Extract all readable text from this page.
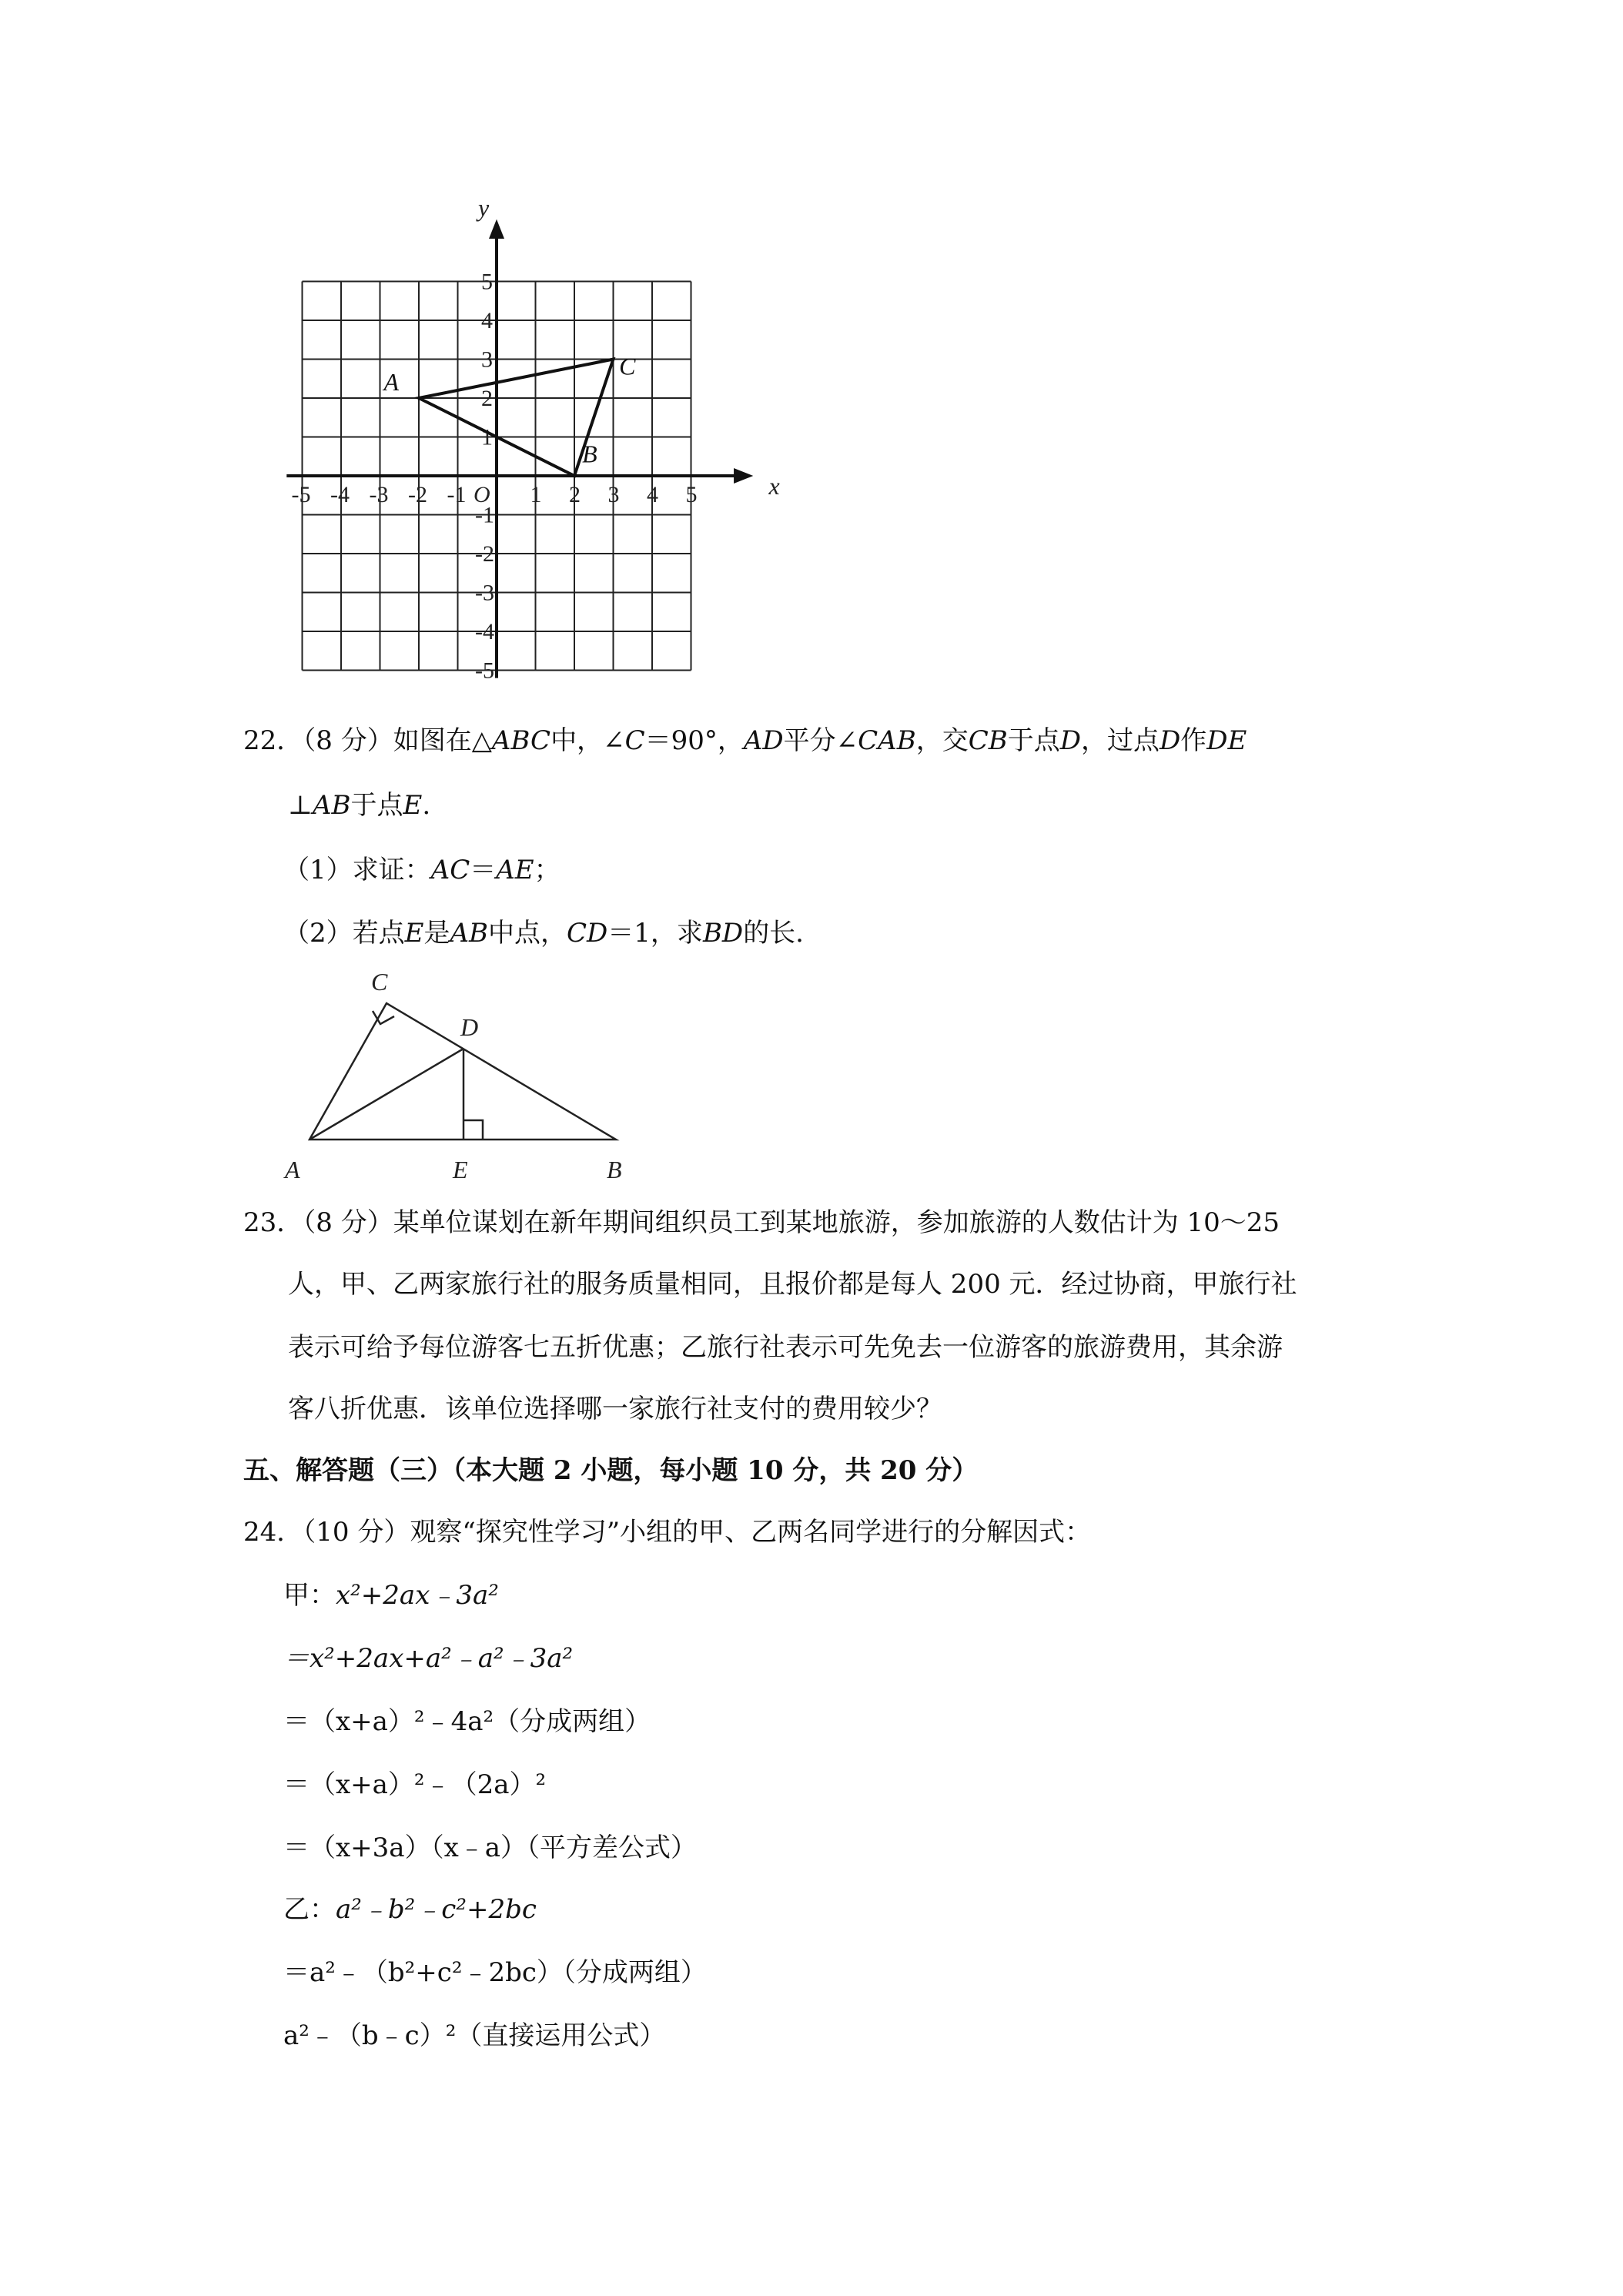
x
y
O
-5 -4 -3 -2 -1	1 2 3 4 5
5
4
3
2
1
-1
-2
-3
-4
-5
A
B
C
22．（8 分）如图在△ABC中，∠C＝90°，AD平分∠CAB，交CB于点D，过点D作DE
⊥AB于点E.
（1）求证：AC＝AE；
（2）若点E是AB中点，CD＝1，求BD的长.
C
D
A	E	B
23．（8 分）某单位谋划在新年期间组织员工到某地旅游，参加旅游的人数估计为 10～25
人，甲、乙两家旅行社的服务质量相同，且报价都是每人 200 元．经过协商，甲旅行社
表示可给予每位游客七五折优惠；乙旅行社表示可先免去一位游客的旅游费用，其余游
客八折优惠．该单位选择哪一家旅行社支付的费用较少？
五、解答题（三）（本大题 2 小题，每小题 10 分，共 20 分）
24．（10 分）观察“探究性学习”小组的甲、乙两名同学进行的分解因式：
甲：x²+2ax﹣3a²
＝x²+2ax+a²﹣a²﹣3a²
＝（x+a）²﹣4a²（分成两组）
＝（x+a）²﹣（2a）²
＝（x+3a）（x﹣a）（平方差公式）
乙：a²﹣b²﹣c²+2bc
＝a²﹣（b²+c²﹣2bc）（分成两组）
a²﹣（b﹣c）²（直接运用公式）
